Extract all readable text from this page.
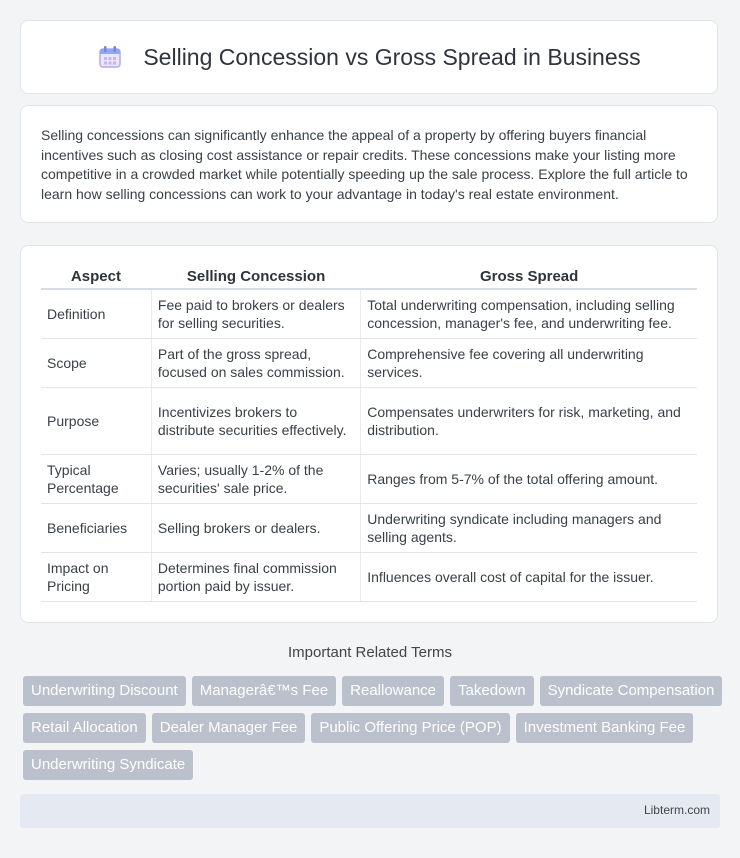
Selling Concession vs Gross Spread in Business

Selling concessions can significantly enhance the appeal of a property by offering buyers financial incentives such as closing cost assistance or repair credits. These concessions make your listing more competitive in a crowded market while potentially speeding up the sale process. Explore the full article to learn how selling concessions can work to your advantage in today's real estate environment.

Aspect	Selling Concession	Gross Spread
Definition	Fee paid to brokers or dealers for selling securities.	Total underwriting compensation, including selling concession, manager's fee, and underwriting fee.
Scope	Part of the gross spread, focused on sales commission.	Comprehensive fee covering all underwriting services.
Purpose	Incentivizes brokers to distribute securities effectively.	Compensates underwriters for risk, marketing, and distribution.
Typical Percentage	Varies; usually 1-2% of the securities' sale price.	Ranges from 5-7% of the total offering amount.
Beneficiaries	Selling brokers or dealers.	Underwriting syndicate including managers and selling agents.
Impact on Pricing	Determines final commission portion paid by issuer.	Influences overall cost of capital for the issuer.
Important Related Terms
Underwriting Discount	Managerâ€™s Fee	Reallowance	Takedown	Syndicate Compensation
Retail Allocation	Dealer Manager Fee	Public Offering Price (POP)	Investment Banking Fee
Underwriting Syndicate
Libterm.com
